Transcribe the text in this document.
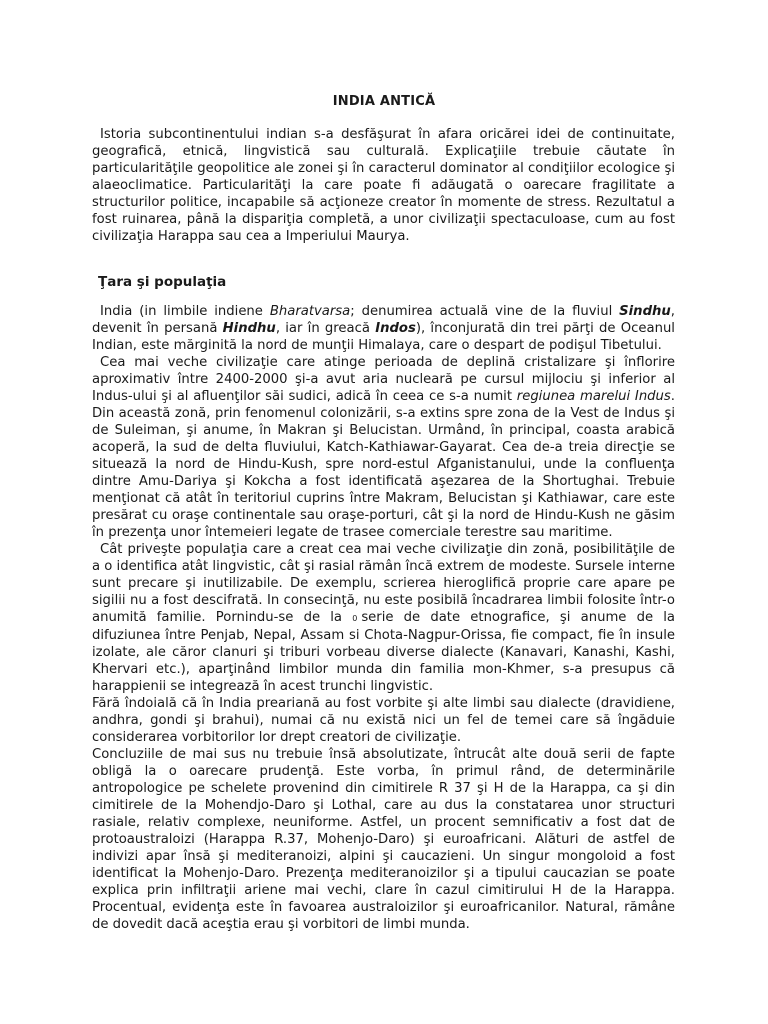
INDIA ANTICĂ

Istoria subcontinentului indian s-a desfăşurat în afara oricărei idei de continuitate, geografică, etnică, lingvistică sau culturală. Explicaţiile trebuie căutate în particularităţile geopolitice ale zonei şi în caracterul dominator al condiţiilor ecologice şi alaeoclimatice. Particularităţi la care poate fi adăugată o oarecare fragilitate a structurilor politice, incapabile să acţioneze creator în momente de stress. Rezultatul a fost ruinarea, până la dispariţia completă, a unor civilizaţii spectaculoase, cum au fost civilizaţia Harappa sau cea a Imperiului Maurya.

Ţara şi populaţia

India (in limbile indiene Bharatvarsa; denumirea actuală vine de la fluviul Sindhu, devenit în persană Hindhu, iar în greacă Indos), înconjurată din trei părţi de Oceanul Indian, este mărginită la nord de munţii Himalaya, care o despart de podişul Tibetului.

Cea mai veche civilizaţie care atinge perioada de deplină cristalizare şi înflorire aproximativ între 2400-2000 şi-a avut aria nucleară pe cursul mijlociu şi inferior al Indus-ului şi al afluenţilor săi sudici, adică în ceea ce s-a numit regiunea marelui Indus. Din această zonă, prin fenomenul colonizării, s-a extins spre zona de la Vest de Indus şi de Suleiman, şi anume, în Makran şi Belucistan. Urmând, în principal, coasta arabică acoperă, la sud de delta fluviului, Katch-Kathiawar-Gayarat. Cea de-a treia direcţie se situează la nord de Hindu-Kush, spre nord-estul Afganistanului, unde la confluenţa dintre Amu-Dariya şi Kokcha a fost identificată aşezarea de la Shortughai. Trebuie menţionat că atât în teritoriul cuprins între Makram, Belucistan şi Kathiawar, care este presărat cu oraşe continentale sau oraşe-porturi, cât şi la nord de Hindu-Kush ne găsim în prezenţa unor întemeieri legate de trasee comerciale terestre sau maritime.

Cât priveşte populaţia care a creat cea mai veche civilizaţie din zonă, posibilităţile de a o identifica atât lingvistic, cât şi rasial rămân încă extrem de modeste. Sursele interne sunt precare şi inutilizabile. De exemplu, scrierea hieroglifică proprie care apare pe sigilii nu a fost descifrată. In consecinţă, nu este posibilă încadrarea limbii folosite într-o anumită familie. Pornindu-se de la 0 serie de date etnografice, şi anume de la difuziunea între Penjab, Nepal, Assam si Chota-Nagpur-Orissa, fie compact, fie în insule izolate, ale căror clanuri şi triburi vorbeau diverse dialecte (Kanavari, Kanashi, Kashi, Khervari etc.), aparţinând limbilor munda din familia mon-Khmer, s-a presupus că harappienii se integrează în acest trunchi lingvistic.

Fără îndoială că în India preariană au fost vorbite şi alte limbi sau dialecte (dravidiene, andhra, gondi şi brahui), numai că nu există nici un fel de temei care să îngăduie considerarea vorbitorilor lor drept creatori de civilizaţie.

Concluziile de mai sus nu trebuie însă absolutizate, întrucât alte două serii de fapte obligă la o oarecare prudenţă. Este vorba, în primul rând, de determinările antropologice pe schelete provenind din cimitirele R 37 şi H de la Harappa, ca şi din cimitirele de la Mohendjo-Daro şi Lothal, care au dus la constatarea unor structuri rasiale, relativ complexe, neuniforme. Astfel, un procent semnificativ a fost dat de protoaustraloizi (Harappa R.37, Mohenjo-Daro) şi euroafricani. Alături de astfel de indivizi apar însă şi mediteranoizi, alpini şi caucazieni. Un singur mongoloid a fost identificat la Mohenjo-Daro. Prezenţa mediteranoizilor şi a tipului caucazian se poate explica prin infiltraţii ariene mai vechi, clare în cazul cimitirului H de la Harappa. Procentual, evidenţa este în favoarea australoizilor şi euroafricanilor. Natural, rămâne de dovedit dacă aceştia erau şi vorbitori de limbi munda.
